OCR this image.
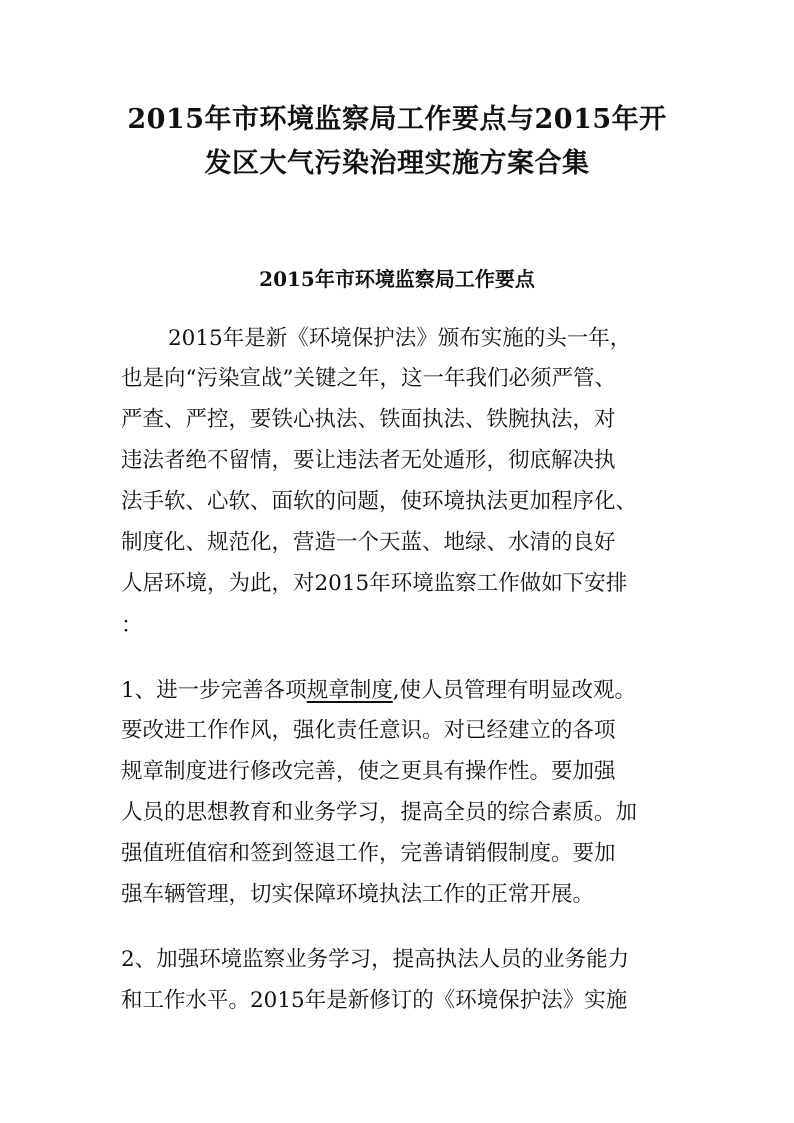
2015年市环境监察局工作要点与2015年开
发区大气污染治理实施方案合集
2015年市环境监察局工作要点
2015年是新《环境保护法》颁布实施的头一年，
也是向“污染宣战”关键之年，这一年我们必须严管、
严查、严控，要铁心执法、铁面执法、铁腕执法，对
违法者绝不留情，要让违法者无处遁形，彻底解决执
法手软、心软、面软的问题，使环境执法更加程序化、
制度化、规范化，营造一个天蓝、地绿、水清的良好
人居环境，为此，对2015年环境监察工作做如下安排
：
1、进一步完善各项规章制度,使人员管理有明显改观。
要改进工作作风，强化责任意识。对已经建立的各项
规章制度进行修改完善，使之更具有操作性。要加强
人员的思想教育和业务学习，提高全员的综合素质。加
强值班值宿和签到签退工作，完善请销假制度。要加
强车辆管理，切实保障环境执法工作的正常开展。
2、加强环境监察业务学习，提高执法人员的业务能力
和工作水平。2015年是新修订的《环境保护法》实施
